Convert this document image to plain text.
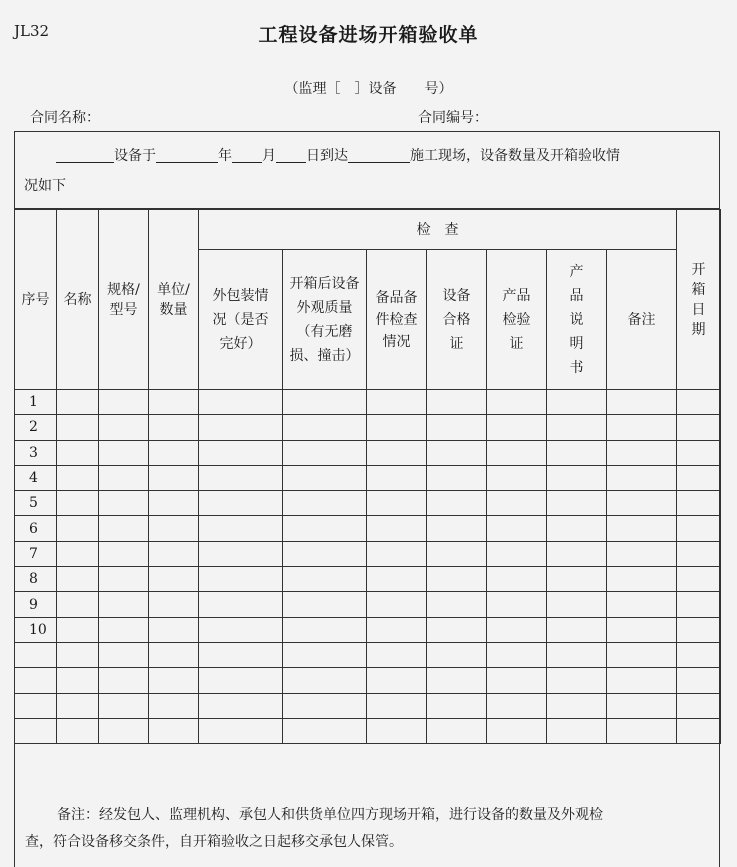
JL32	工程设备进场开箱验收单
（监理［　］设备　　号）
合同名称：	合同编号：
设备于	年 月 日到达	施工现场，设备数量及开箱验收情
况如下
序号	名称	规格/型号	单位/数量	检　查							开箱日期
				外包装情况（是否完好）	开箱后设备外观质量（有无磨损、撞击）	备品备件检查情况	设备合格证	产品检验证	产品说明书	备注	
1											
2											
3											
4											
5											
6											
7											
8											
9											
10											

备注：经发包人、监理机构、承包人和供货单位四方现场开箱，进行设备的数量及外观检
查，符合设备移交条件，自开箱验收之日起移交承包人保管。
